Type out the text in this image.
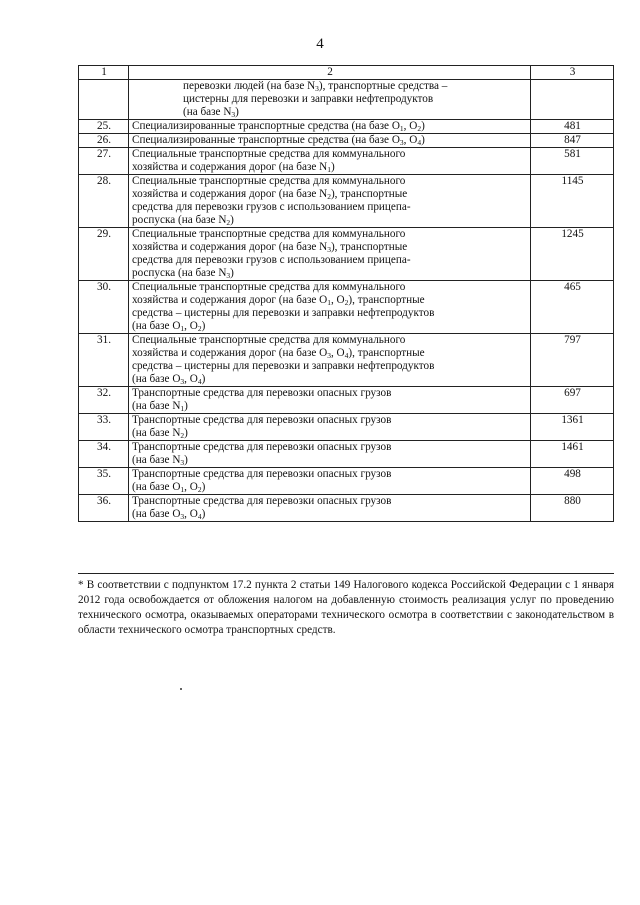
4
1	2	3
	перевозки людей (на базе $N_3$), транспортные средства –
цистерны для перевозки и заправки нефтепродуктов
(на базе $N_3$)	
25.	Специализированные транспортные средства (на базе $O_1$, $O_2$)	481
26.	Специализированные транспортные средства (на базе $O_3$, $O_4$)	847
27.	Специальные транспортные средства для коммунального
хозяйства и содержания дорог (на базе $N_1$)	581
28.	Специальные транспортные средства для коммунального
хозяйства и содержания дорог (на базе $N_2$), транспортные
средства для перевозки грузов с использованием прицепа-
роспуска (на базе $N_2$)	1145
29.	Специальные транспортные средства для коммунального
хозяйства и содержания дорог (на базе $N_3$), транспортные
средства для перевозки грузов с использованием прицепа-
роспуска (на базе $N_3$)	1245
30.	Специальные транспортные средства для коммунального
хозяйства и содержания дорог (на базе $O_1$, $O_2$), транспортные
средства – цистерны для перевозки и заправки нефтепродуктов
(на базе $O_1$, $O_2$)	465
31.	Специальные транспортные средства для коммунального
хозяйства и содержания дорог (на базе $O_3$, $O_4$), транспортные
средства – цистерны для перевозки и заправки нефтепродуктов
(на базе $O_3$, $O_4$)	797
32.	Транспортные средства для перевозки опасных грузов
(на базе $N_1$)	697
33.	Транспортные средства для перевозки опасных грузов
(на базе $N_2$)	1361
34.	Транспортные средства для перевозки опасных грузов
(на базе $N_3$)	1461
35.	Транспортные средства для перевозки опасных грузов
(на базе $O_1$, $O_2$)	498
36.	Транспортные средства для перевозки опасных грузов
(на базе $O_3$, $O_4$)	880
* В соответствии с подпунктом 17.2 пункта 2 статьи 149 Налогового кодекса Российской Федерации с 1 января 2012 года освобождается от обложения налогом на добавленную стоимость реализация услуг по проведению технического осмотра, оказываемых операторами технического осмотра в соответствии с законодательством в области технического осмотра транспортных средств.
